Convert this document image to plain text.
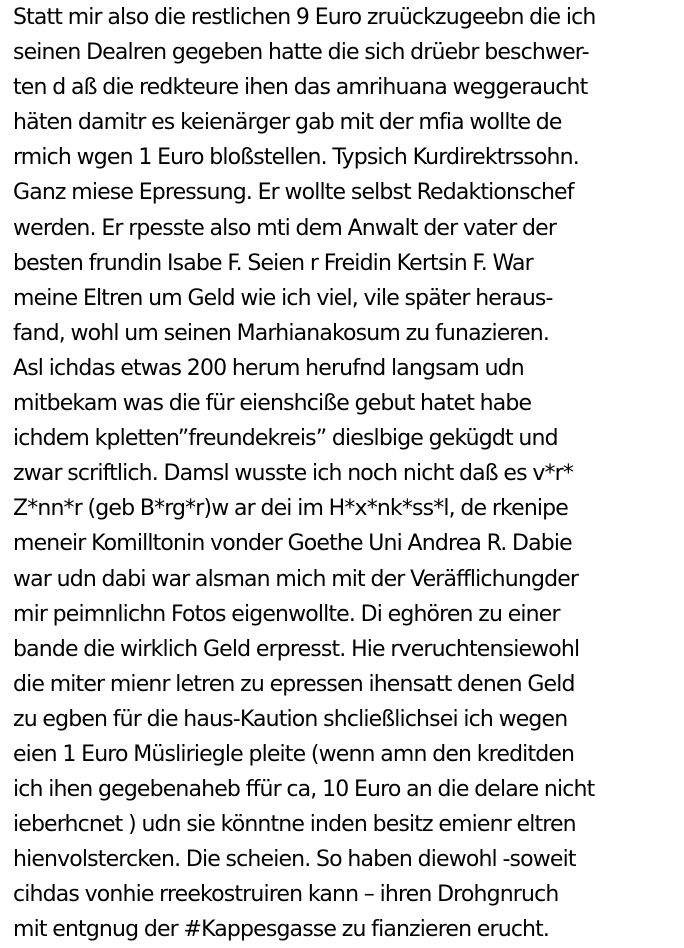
Statt mir also die restlichen 9 Euro zruückzugeebn die ich
seinen Dealren gegeben hatte die sich drüebr beschwer-
ten d aß die redkteure ihen das amrihuana weggeraucht
häten damitr es keienärger gab mit der mfia wollte de
rmich wgen 1 Euro bloßstellen. Typsich Kurdirektrssohn.
Ganz miese Epressung. Er wollte selbst Redaktionschef
werden. Er rpesste also mti dem Anwalt der vater der
besten frundin Isabe F. Seien r Freidin Kertsin F. War
meine Eltren um Geld wie ich viel, vile später heraus-
fand, wohl um seinen Marhianakosum zu funazieren.
Asl ichdas etwas 200 herum herufnd langsam udn
mitbekam was die für eienshcißе gebut hatet habe
ichdem kpletten”freundekreis” dieslbige gekügdt und
zwar scriftlich. Damsl wusste ich noch nicht daß es v*r*
Z*nn*r (geb B*rg*r)w ar dei im H*x*nk*ss*l, de rkenipe
meneir Komilltonin vonder Goethe Uni Andrea R. Dabie
war udn dabi war alsman mich mit der Veräfflichungder
mir peimnlichn Fotos eigenwollte. Di eghören zu einer
bande die wirklich Geld erpresst. Hie rveruchtensiewohl
die miter mienr letren zu epressen ihensatt denen Geld
zu egben für die haus-Kaution shcließlichsei ich wegen
eien 1 Euro Müsliriegle pleite (wenn amn den kreditden
ich ihen gegebenaheb ffür ca, 10 Euro an die delare nicht
ieberhcnet ) udn sie könntne inden besitz emienr eltren
hienvolstercken. Die scheien. So haben diewohl -soweit
cihdas vonhie rreekostruiren kann – ihren Drohgnruch
mit entgnug der #Kappesgasse zu fianzieren erucht.
